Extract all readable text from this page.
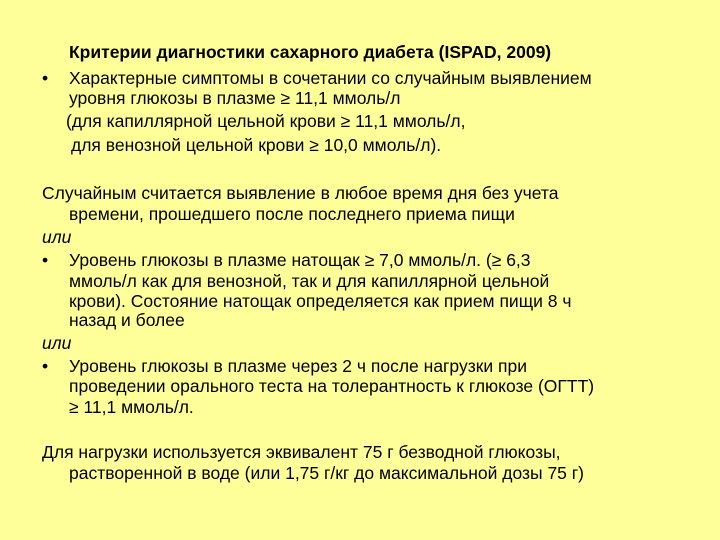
Критерии диагностики сахарного диабета (ISPAD, 2009)
• Характерные симптомы в сочетании со случайным выявлением
уровня глюкозы в плазме ≥ 11,1 ммоль/л
(для капиллярной цельной крови ≥ 11,1 ммоль/л,
для венозной цельной крови ≥ 10,0 ммоль/л).
Случайным считается выявление в любое время дня без учета
времени, прошедшего после последнего приема пищи
или
• Уровень глюкозы в плазме натощак ≥ 7,0 ммоль/л. (≥ 6,3
ммоль/л как для венозной, так и для капиллярной цельной
крови). Состояние натощак определяется как прием пищи 8 ч
назад и более
или
• Уровень глюкозы в плазме через 2 ч после нагрузки при
проведении орального теста на толерантность к глюкозе (ОГТТ)
≥ 11,1 ммоль/л.
Для нагрузки используется эквивалент 75 г безводной глюкозы,
растворенной в воде (или 1,75 г/кг до максимальной дозы 75 г)
